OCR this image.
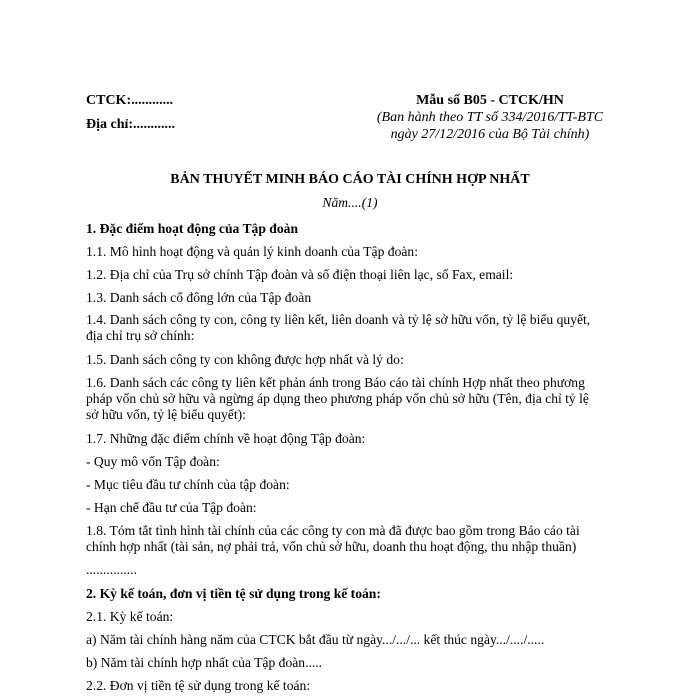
CTCK:............
Địa chỉ:............
Mẫu số B05 - CTCK/HN
(Ban hành theo TT số 334/2016/TT-BTC
ngày 27/12/2016 của Bộ Tài chính)
BẢN THUYẾT MINH BÁO CÁO TÀI CHÍNH HỢP NHẤT
Năm....(1)
1. Đặc điểm hoạt động của Tập đoàn
1.1. Mô hình hoạt động và quản lý kinh doanh của Tập đoàn:
1.2. Địa chỉ của Trụ sở chính Tập đoàn và số điện thoại liên lạc, số Fax, email:
1.3. Danh sách cổ đông lớn của Tập đoàn
1.4. Danh sách công ty con, công ty liên kết, liên doanh và tỷ lệ sở hữu vốn, tỷ lệ biểu quyết,
địa chỉ trụ sở chính:
1.5. Danh sách công ty con không được hợp nhất và lý do:
1.6. Danh sách các công ty liên kết phản ánh trong Báo cáo tài chính Hợp nhất theo phương
pháp vốn chủ sở hữu và ngừng áp dụng theo phương pháp vốn chủ sở hữu (Tên, địa chỉ tỷ lệ
sở hữu vốn, tỷ lệ biểu quyết):
1.7. Những đặc điểm chính về hoạt động Tập đoàn:
- Quy mô vốn Tập đoàn:
- Mục tiêu đầu tư chính của tập đoàn:
- Hạn chế đầu tư của Tập đoàn:
1.8. Tóm tắt tình hình tài chính của các công ty con mà đã được bao gồm trong Báo cáo tài
chính hợp nhất (tài sản, nợ phải trả, vốn chủ sở hữu, doanh thu hoạt động, thu nhập thuần)
...............
2. Kỳ kế toán, đơn vị tiền tệ sử dụng trong kế toán:
2.1. Kỳ kế toán:
a) Năm tài chính hàng năm của CTCK bắt đầu từ ngày.../.../... kết thúc ngày.../..../.....
b) Năm tài chính hợp nhất của Tập đoàn.....
2.2. Đơn vị tiền tệ sử dụng trong kế toán:
